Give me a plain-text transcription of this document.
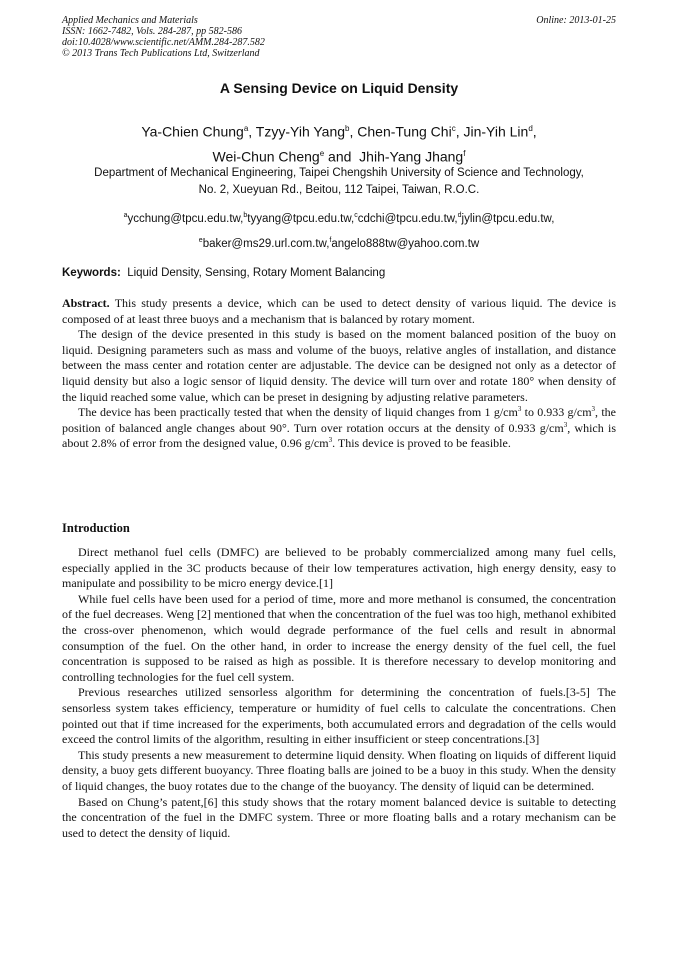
Applied Mechanics and Materials
ISSN: 1662-7482, Vols. 284-287, pp 582-586
doi:10.4028/www.scientific.net/AMM.284-287.582
© 2013 Trans Tech Publications Ltd, Switzerland
Online: 2013-01-25
A Sensing Device on Liquid Density
Ya-Chien Chung$^a$, Tzyy-Yih Yang$^b$, Chen-Tung Chi$^c$, Jin-Yih Lin$^d$,
Wei-Chun Cheng$^e$ and  Jhih-Yang Jhang$^f$
Department of Mechanical Engineering, Taipei Chengshih University of Science and Technology,
No. 2, Xueyuan Rd., Beitou, 112 Taipei, Taiwan, R.O.C.
$^a$ycchung@tpcu.edu.tw,$^b$tyyang@tpcu.edu.tw,$^c$cdchi@tpcu.edu.tw,$^d$jylin@tpcu.edu.tw,
$^e$baker@ms29.url.com.tw,$^f$angelo888tw@yahoo.com.tw
Keywords: Liquid Density, Sensing, Rotary Moment Balancing

Abstract. This study presents a device, which can be used to detect density of various liquid. The device is composed of at least three buoys and a mechanism that is balanced by rotary moment.

The design of the device presented in this study is based on the moment balanced position of the buoy on liquid. Designing parameters such as mass and volume of the buoys, relative angles of installation, and distance between the mass center and rotation center are adjustable. The device can be designed not only as a detector of liquid density but also a logic sensor of liquid density. The device will turn over and rotate 180° when density of the liquid reached some value, which can be preset in designing by adjusting relative parameters.

The device has been practically tested that when the density of liquid changes from 1 $g/cm^3$ to 0.933 $g/cm^3$, the position of balanced angle changes about 90°. Turn over rotation occurs at the density of 0.933 $g/cm^3$, which is about 2.8% of error from the designed value, 0.96 $g/cm^3$. This device is proved to be feasible.

Introduction

Direct methanol fuel cells (DMFC) are believed to be probably commercialized among many fuel cells, especially applied in the 3C products because of their low temperatures activation, high energy density, easy to manipulate and possibility to be micro energy device.[1]

While fuel cells have been used for a period of time, more and more methanol is consumed, the concentration of the fuel decreases. Weng [2] mentioned that when the concentration of the fuel was too high, methanol exhibited the cross-over phenomenon, which would degrade performance of the fuel cells and result in abnormal consumption of the fuel. On the other hand, in order to increase the energy density of the fuel cell, the fuel concentration is supposed to be raised as high as possible. It is therefore necessary to develop monitoring and controlling technologies for the fuel cell system.

Previous researches utilized sensorless algorithm for determining the concentration of fuels.[3-5] The sensorless system takes efficiency, temperature or humidity of fuel cells to calculate the concentrations. Chen pointed out that if time increased for the experiments, both accumulated errors and degradation of the cells would exceed the control limits of the algorithm, resulting in either insufficient or steep concentrations.[3]

This study presents a new measurement to determine liquid density. When floating on liquids of different liquid density, a buoy gets different buoyancy. Three floating balls are joined to be a buoy in this study. When the density of liquid changes, the buoy rotates due to the change of the buoyancy. The density of liquid can be determined.

Based on Chung’s patent,[6] this study shows that the rotary moment balanced device is suitable to detecting the concentration of the fuel in the DMFC system. Three or more floating balls and a rotary mechanism can be used to detect the density of liquid.
